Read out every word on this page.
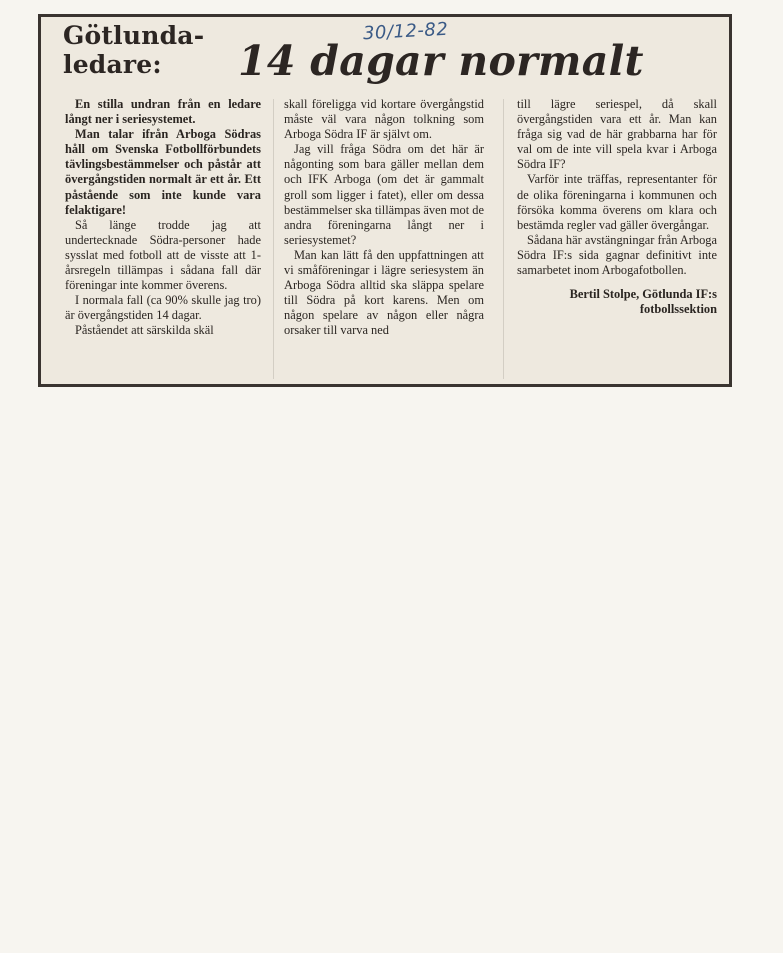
30/12-82
Götlunda-
ledare:	14 dagar normalt

En stilla undran från en ledare långt ner i seriesystemet.

Man talar ifrån Arboga Södras håll om Svenska Fotbollförbundets tävlingsbestämmelser och påstår att övergångstiden normalt är ett år. Ett påstående som inte kunde vara felaktigare!

Så länge trodde jag att undertecknade Södra-personer hade sysslat med fotboll att de visste att 1-årsregeln tillämpas i sådana fall där föreningar inte kommer överens.

I normala fall (ca 90% skulle jag tro) är övergångstiden 14 dagar.

Påståendet att särskilda skäl

skall föreligga vid kortare övergångstid måste väl vara någon tolkning som Arboga Södra IF är självt om.

Jag vill fråga Södra om det här är någonting som bara gäller mellan dem och IFK Arboga (om det är gammalt groll som ligger i fatet), eller om dessa bestämmelser ska tillämpas även mot de andra föreningarna långt ner i seriesystemet?

Man kan lätt få den uppfattningen att vi småföreningar i lägre seriesystem än Arboga Södra alltid ska släppa spelare till Södra på kort karens. Men om någon spelare av någon eller några orsaker till varva ned

till lägre seriespel, då skall övergångstiden vara ett år. Man kan fråga sig vad de här grabbarna har för val om de inte vill spela kvar i Arboga Södra IF?

Varför inte träffas, representanter för de olika föreningarna i kommunen och försöka komma överens om klara och bestämda regler vad gäller övergångar.

Sådana här avstängningar från Arboga Södra IF:s sida gagnar definitivt inte samarbetet inom Arbogafotbollen.

Bertil Stolpe, Götlunda IF:s
fotbollssektion
